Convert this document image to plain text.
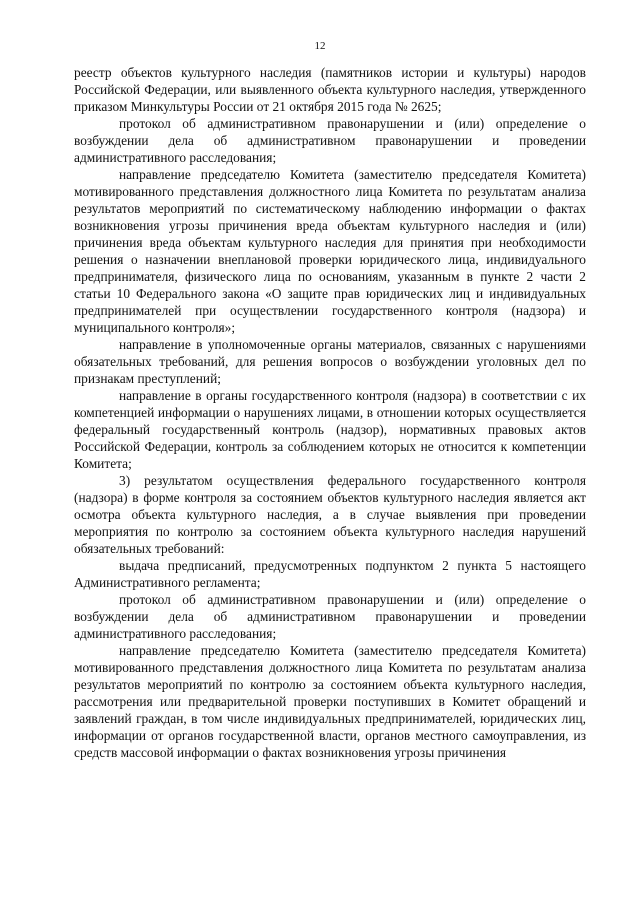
12

реестр объектов культурного наследия (памятников истории и культуры) народов Российской Федерации, или выявленного объекта культурного наследия, утвержденного приказом Минкультуры России от 21 октября 2015 года № 2625;

протокол об административном правонарушении и (или) определение о возбуждении дела об административном правонарушении и проведении административного расследования;

направление председателю Комитета (заместителю председателя Комитета) мотивированного представления должностного лица Комитета по результатам анализа результатов мероприятий по систематическому наблюдению информации о фактах возникновения угрозы причинения вреда объектам культурного наследия и (или) причинения вреда объектам культурного наследия для принятия при необходимости решения о назначении внеплановой проверки юридического лица, индивидуального предпринимателя, физического лица по основаниям, указанным в пункте 2 части 2 статьи 10 Федерального закона «О защите прав юридических лиц и индивидуальных предпринимателей при осуществлении государственного контроля (надзора) и муниципального контроля»;

направление в уполномоченные органы материалов, связанных с нарушениями обязательных требований, для решения вопросов о возбуждении уголовных дел по признакам преступлений;

направление в органы государственного контроля (надзора) в соответствии с их компетенцией информации о нарушениях лицами, в отношении которых осуществляется федеральный государственный контроль (надзор), нормативных правовых актов Российской Федерации, контроль за соблюдением которых не относится к компетенции Комитета;

3) результатом осуществления федерального государственного контроля (надзора) в форме контроля за состоянием объектов культурного наследия является акт осмотра объекта культурного наследия, а в случае выявления при проведении мероприятия по контролю за состоянием объекта культурного наследия нарушений обязательных требований:

выдача предписаний, предусмотренных подпунктом 2 пункта 5 настоящего Административного регламента;

протокол об административном правонарушении и (или) определение о возбуждении дела об административном правонарушении и проведении административного расследования;

направление председателю Комитета (заместителю председателя Комитета) мотивированного представления должностного лица Комитета по результатам анализа результатов мероприятий по контролю за состоянием объекта культурного наследия, рассмотрения или предварительной проверки поступивших в Комитет обращений и заявлений граждан, в том числе индивидуальных предпринимателей, юридических лиц, информации от органов государственной власти, органов местного самоуправления, из средств массовой информации о фактах возникновения угрозы причинения
